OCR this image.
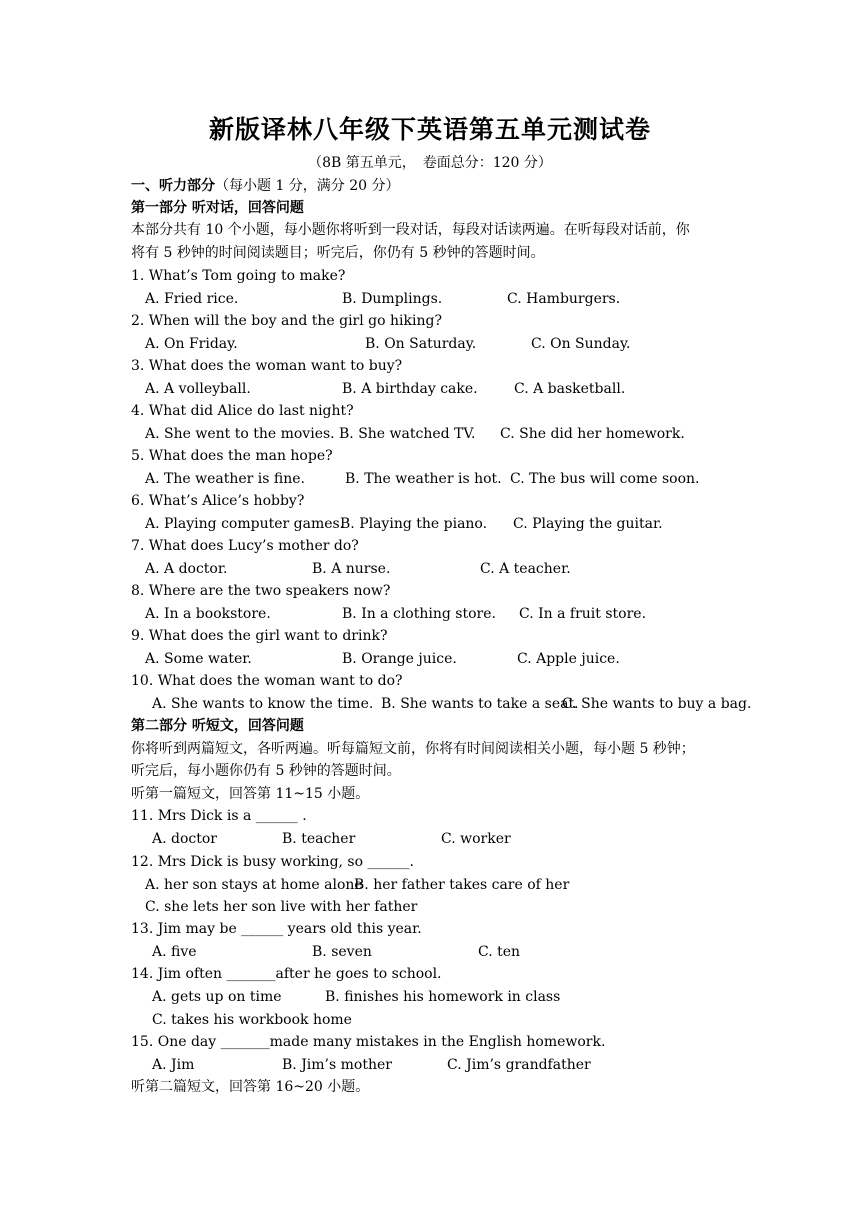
新版译林八年级下英语第五单元测试卷
（8B 第五单元，　卷面总分：120 分）
一、听力部分（每小题 1 分，满分 20 分）
第一部分 听对话，回答问题
本部分共有 10 个小题，每小题你将听到一段对话，每段对话读两遍。在听每段对话前，你
将有 5 秒钟的时间阅读题目；听完后，你仍有 5 秒钟的答题时间。
1. What’s Tom going to make?
A. Fried rice.	B. Dumplings.	C. Hamburgers.
2. When will the boy and the girl go hiking?
A. On Friday.	B. On Saturday.	C. On Sunday.
3. What does the woman want to buy?
A. A volleyball.	B. A birthday cake.	C. A basketball.
4. What did Alice do last night?
A. She went to the movies. B. She watched TV. C. She did her homework.
5. What does the man hope?
A. The weather is fine.	B. The weather is hot. C. The bus will come soon.
6. What’s Alice’s hobby?
A. Playing computer games.
B. Playing the piano. C. Playing the guitar.
7. What does Lucy’s mother do?
A. A doctor.	B. A nurse.	C. A teacher.
8. Where are the two speakers now?
A. In a bookstore.	B. In a clothing store. C. In a fruit store.
9. What does the girl want to drink?
A. Some water.	B. Orange juice.	C. Apple juice.
10. What does the woman want to do?
A. She wants to know the time. B. She wants to take a seat.
C. She wants to buy a bag.
第二部分 听短文，回答问题
你将听到两篇短文，各听两遍。听每篇短文前，你将有时间阅读相关小题，每小题 5 秒钟；
听完后，每小题你仍有 5 秒钟的答题时间。
听第一篇短文，回答第 11~15 小题。
11. Mrs Dick is a ______ .
A. doctor	B. teacher	C. worker
12. Mrs Dick is busy working, so ______.
A. her son stays at home alone
B. her father takes care of her
C. she lets her son live with her father
13. Jim may be ______ years old this year.
A. five	B. seven	C. ten
14. Jim often _______after he goes to school.
A. gets up on time	B. finishes his homework in class
C. takes his workbook home
15. One day _______made many mistakes in the English homework.
A. Jim	B. Jim’s mother	C. Jim’s grandfather
听第二篇短文，回答第 16~20 小题。
